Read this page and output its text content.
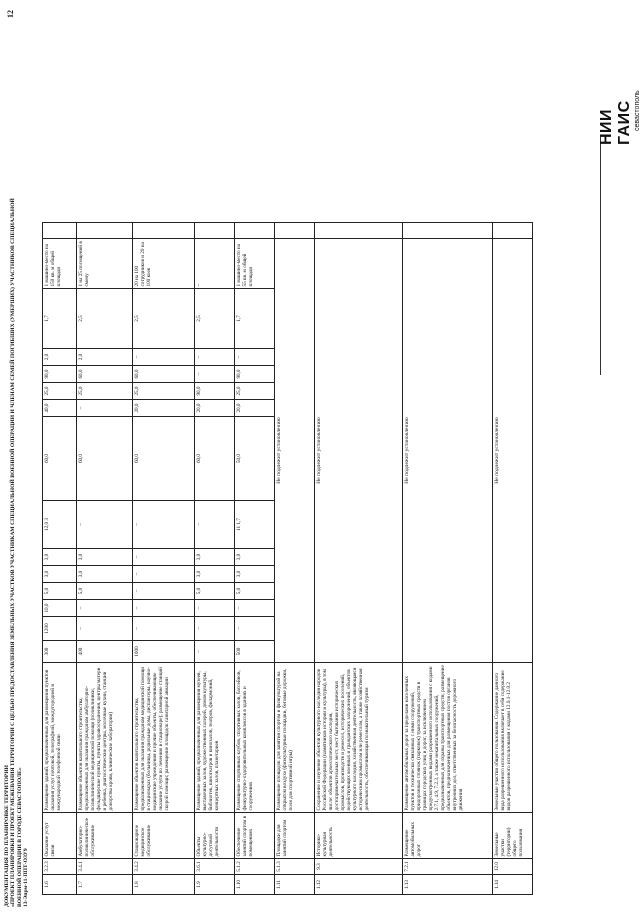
ДОКУМЕНТАЦИЯ ПО ПЛАНИРОВКЕ ТЕРРИТОРИИ «ПРОЕКТ ПЛАНИРОВКИ И ПРОЕКТ МЕЖЕВАНИЯ ТЕРРИТОРИИ С ЦЕЛЬЮ ПРЕДОСТАВЛЕНИЯ ЗЕМЕЛЬНЫХ УЧАСТКОВ УЧАСТНИКАМ СПЕЦИАЛЬНОЙ ВОЕННОЙ ОПЕРАЦИИ И ЧЛЕНАМ СЕМЕЙ ПОГИБШИХ (УМЕРШИХ) УЧАСТНИКОВ СПЕЦИАЛЬНОЙ ВОЕННОЙ ОПЕРАЦИИ В ГОРОДЕ СЕВАСТОПОЛЕ» 13-Эпрм-11-ППТ-ОЗУ9
12
1.6	3.2.3	Оказание услуг связи	Размещение зданий, предназначенных для размещения пунктов оказания услуг почтовой, телеграфной, междугородней и международной телефонной связи	300	1200	10,0	5,0	3,0	3,0	12,0 3	60,0	40,0	25,0	90,0	2,0	1,7	1 машино-место на 150 кв. м общей площади	
1.7	3.4.1	Амбулаторно-поликлиническое обслуживание	Размещение объектов капитального строительства, предназначенных для оказания гражданам амбулаторно-поликлинической медицинской помощи (поликлиники, фельдшерские пункты, пункты здравоохранения, центры матери и ребенка, диагностические центры, молочные кухни, станции донорства крови, клинические лаборатории)	400	–	–	5,0	3,0	3,0	–	60,0	–	25,0	60,0	2,0	2,5	1 на 25 посещений в смену	
1.8	3.4.2	Стационарное медицинское обслуживание	Размещение объектов капитального строительства, предназначенных для оказания гражданам медицинской помощи в стационарах (больницы, родильные дома, диспансеры, научно-медицинские учреждения и прочие объекты, обеспечивающие оказание услуги по лечению в стационаре); размещение станций скорой помощи; размещение площадок санитарной авиации	1000	–	–	–	–	–	–	60,0	20,0	25,0	60,0	–	2,5	20 на 100 сотрудников и 20 на 100 коек	
1.9	3.6.1	Объекты культурно-досуговой деятельности	Размещение зданий, предназначенных для размещения музеев, выставочных залов, художественных галерей, домов культуры, библиотек, кинотеатров и кинозалов, театров, филармоний, концертных залов, планетариев	–	–	–	5,0	3,0	3,0	–	60,0	20,0	90,0	–	–	2,5	–	
1.10	5.1.2	Обеспечение занятий спортом в помещениях	Размещение спортивных клубов, спортивных залов, бассейнов, физкультурно-оздоровительных комплексов в зданиях и сооружениях	500	–	–	5,0	3,0	3,0	11 1,7	50,0	20,0	25,0	90,0	–	1,7	1 машино-место на 55 кв. м общей площади	
1.11	5.1.3	Площадки для занятий спортом	Размещение площадок для занятия спортом и физкультурой на открытом воздухе (физкультурные площадки, беговые дорожки, поля для спортивной игры)	Не подлежит установлению														
1.12	9.3	Историко-культурная деятельность	Сохранение и изучение объектов культурного наследия народов Российской Федерации (памятников истории и культуры), в том числе: объектов археологического наследия, достопримечательных мест, мест бытования исторических промыслов, производств и ремесел, исторических поселений, недействующих военных и гражданских захоронений, объектов культурного наследия, хозяйственная деятельность, являющаяся историческим промыслом или ремеслом, а также хозяйственная деятельность, обеспечивающая познавательный туризм	Не подлежит установлению														
1.13	7.2.1	Размещение автомобильных дорог	Размещение автомобильных дорог за пределами населенных пунктов и технически связанных с ними сооружений, придорожных стоянок (парковок) транспортных средств в границах городских улиц и дорог, за исключением предусмотренных видами разрешенного использования с кодами 2.7.1, 4.9, 7.2.3, а также некапитальных сооружений, предназначенных для охраны транспортных средств; размещение объектов, предназначенных для размещения постов органов внутренних дел, ответственных за безопасность дорожного движения	Не подлежит установлению														
1.14	12.0	Земельные участки (территории) общего пользования	Земельные участки общего пользования. Содержание данного вида разрешенного использования включает в себя содержание видов разрешенного использования с кодами 12.0.1-12.0.2	Не подлежит установлению														
НИИ ГАИС севастополь
